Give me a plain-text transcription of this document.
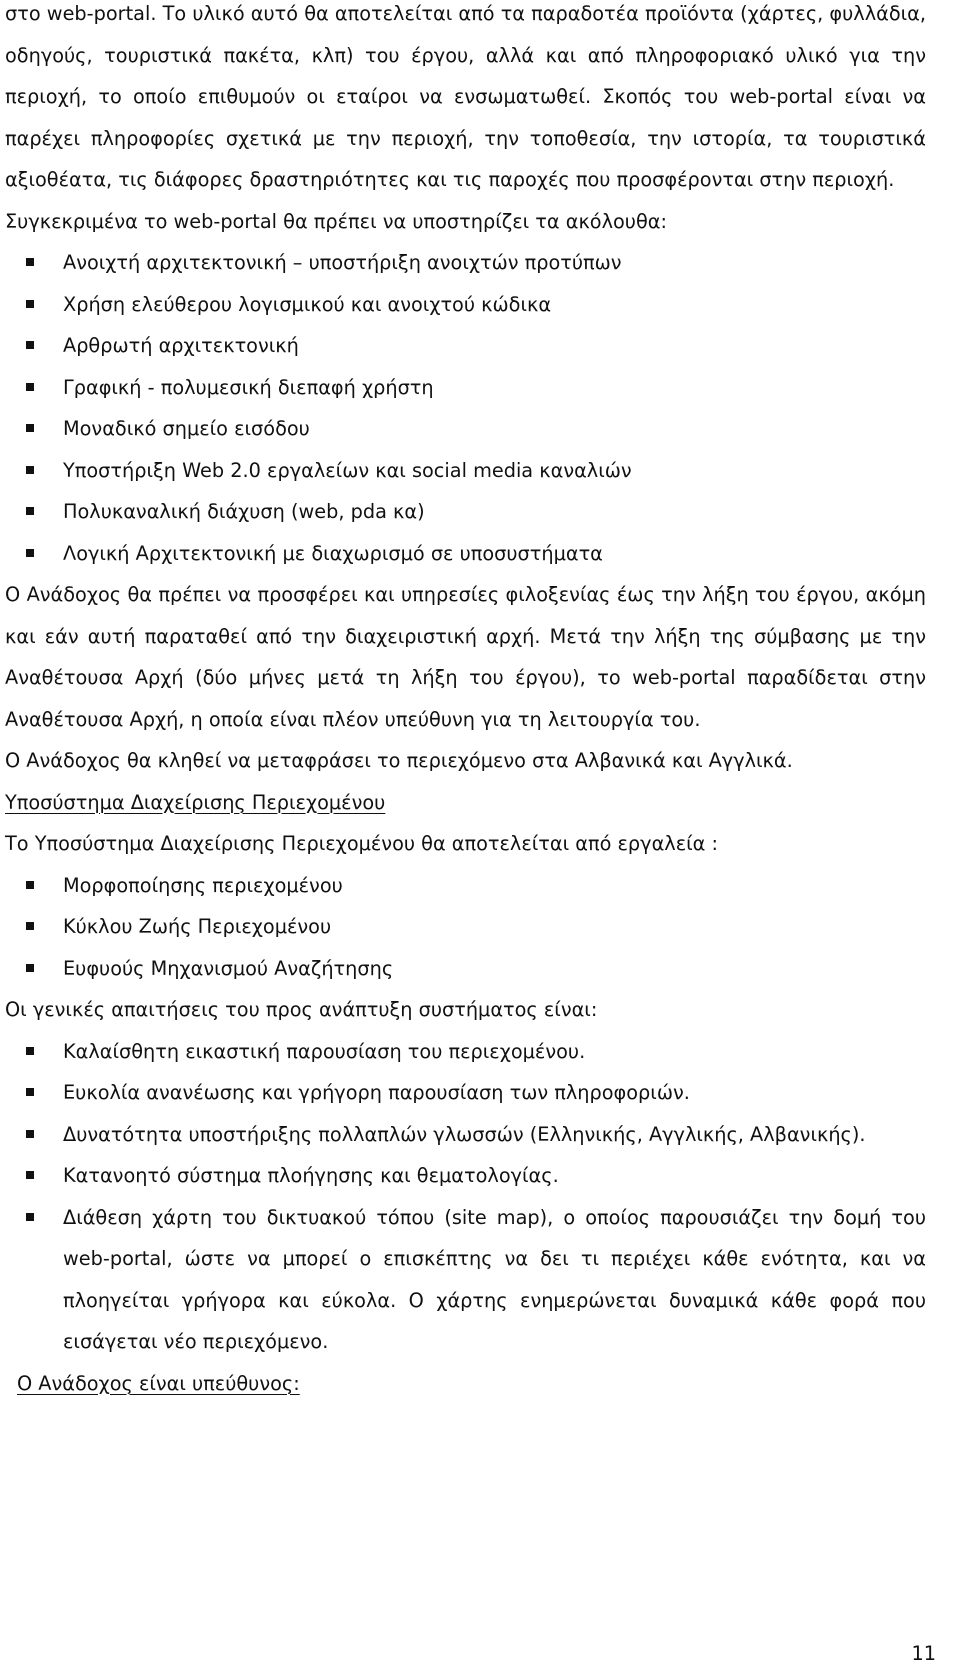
στο web-portal. Το υλικό αυτό θα αποτελείται από τα παραδοτέα προϊόντα (χάρτες, φυλλάδια, οδηγούς, τουριστικά πακέτα, κλπ) του έργου, αλλά και από πληροφοριακό υλικό για την περιοχή, το οποίο επιθυμούν οι εταίροι να ενσωματωθεί. Σκοπός του web-portal είναι να παρέχει πληροφορίες σχετικά με την περιοχή, την τοποθεσία, την ιστορία, τα τουριστικά αξιοθέατα, τις διάφορες δραστηριότητες και τις παροχές που προσφέρονται στην περιοχή.

Συγκεκριμένα το web-portal θα πρέπει να υποστηρίζει τα ακόλουθα:

Ανοιχτή αρχιτεκτονική – υποστήριξη ανοιχτών προτύπων
Χρήση ελεύθερου λογισμικού και ανοιχτού κώδικα
Αρθρωτή αρχιτεκτονική
Γραφική - πολυμεσική διεπαφή χρήστη
Μοναδικό σημείο εισόδου
Υποστήριξη Web 2.0 εργαλείων και social media καναλιών
Πολυκαναλική διάχυση (web, pda κα)
Λογική Αρχιτεκτονική με διαχωρισμό σε υποσυστήματα

Ο Ανάδοχος θα πρέπει να προσφέρει και υπηρεσίες φιλοξενίας έως την λήξη του έργου, ακόμη και εάν αυτή παραταθεί από την διαχειριστική αρχή. Μετά την λήξη της σύμβασης με την Αναθέτουσα Αρχή (δύο μήνες μετά τη λήξη του έργου), το web-portal παραδίδεται στην Αναθέτουσα Αρχή, η οποία είναι πλέον υπεύθυνη για τη λειτουργία του.

Ο Ανάδοχος θα κληθεί να μεταφράσει το περιεχόμενο στα Αλβανικά και Αγγλικά.

Υποσύστημα Διαχείρισης Περιεχομένου

Το Υποσύστημα Διαχείρισης Περιεχομένου θα αποτελείται από εργαλεία :

Μορφοποίησης περιεχομένου
Κύκλου Ζωής Περιεχομένου
Ευφυούς Μηχανισμού Αναζήτησης

Οι γενικές απαιτήσεις του προς ανάπτυξη συστήματος είναι:

Καλαίσθητη εικαστική παρουσίαση του περιεχομένου.
Ευκολία ανανέωσης και γρήγορη παρουσίαση των πληροφοριών.
Δυνατότητα υποστήριξης πολλαπλών γλωσσών (Ελληνικής, Αγγλικής, Αλβανικής).
Κατανοητό σύστημα πλοήγησης και θεματολογίας.
Διάθεση χάρτη του δικτυακού τόπου (site map), ο οποίος παρουσιάζει την δομή του web-portal, ώστε να μπορεί ο επισκέπτης να δει τι περιέχει κάθε ενότητα, και να πλοηγείται γρήγορα και εύκολα. Ο χάρτης ενημερώνεται δυναμικά κάθε φορά που εισάγεται νέο περιεχόμενο.

Ο Ανάδοχος είναι υπεύθυνος:

11
